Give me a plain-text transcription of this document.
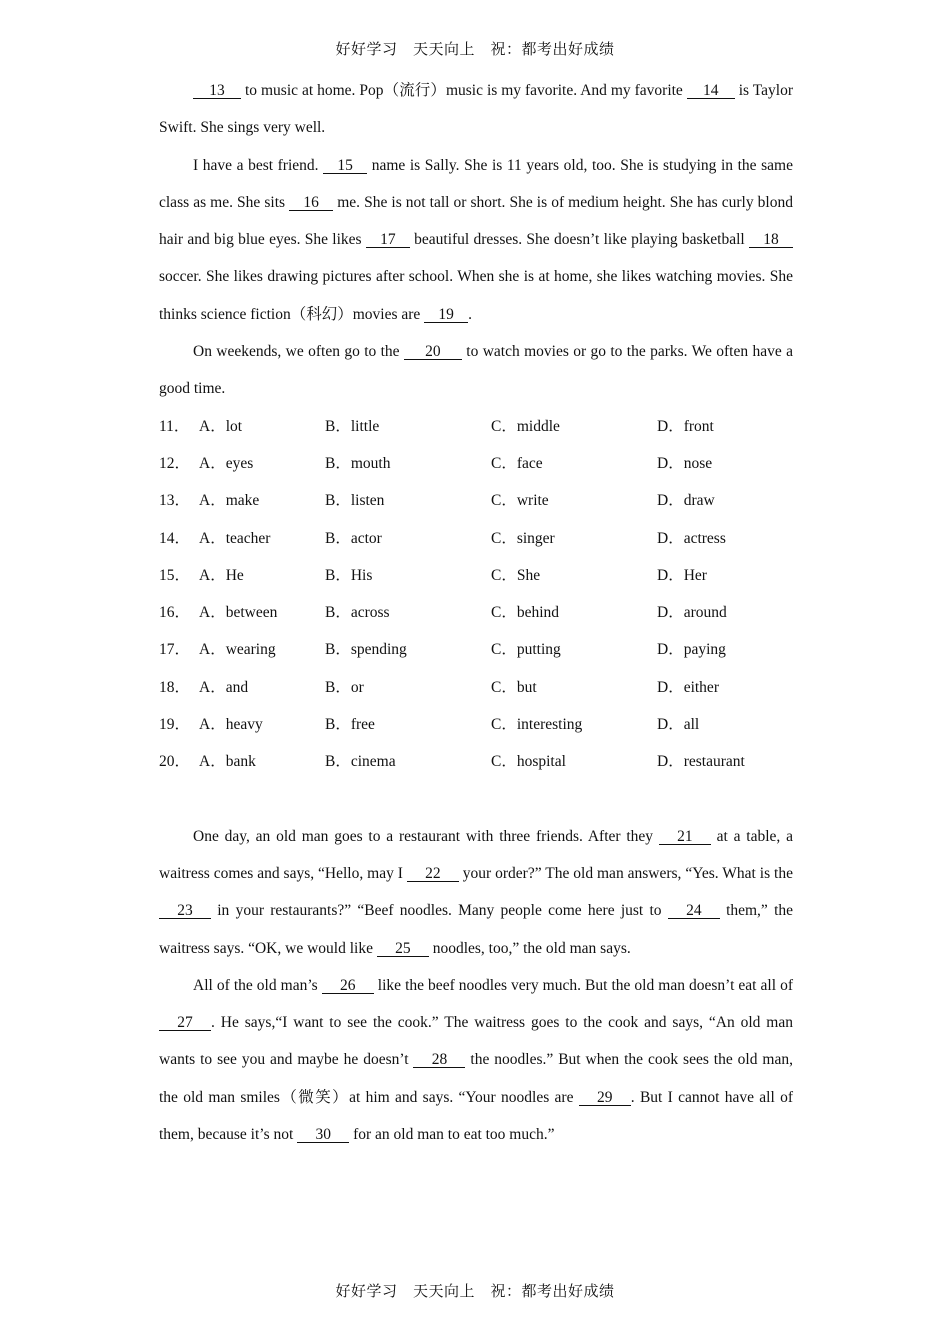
好好学习　天天向上　祝：都考出好成绩

13 to music at home. Pop（流行）music is my favorite. And my favorite 14 is Taylor Swift. She sings very well.

I have a best friend. 15 name is Sally. She is 11 years old, too. She is studying in the same class as me. She sits 16 me. She is not tall or short. She is of medium height. She has curly blond hair and big blue eyes. She likes 17 beautiful dresses. She doesn’t like playing basketball 18 soccer. She likes drawing pictures after school. When she is at home, she likes watching movies. She thinks science fiction（科幻）movies are 19 .

On weekends, we often go to the 20 to watch movies or go to the parks. We often have a good time.

11． A．lot	B．little	C．middle	D．front
12． A．eyes	B．mouth	C．face	D．nose
13． A．make	B．listen	C．write	D．draw
14． A．teacher	B．actor	C．singer	D．actress
15． A．He	B．His	C．She	D．Her
16． A．between	B．across	C．behind	D．around
17． A．wearing	B．spending	C．putting	D．paying
18． A．and	B．or	C．but	D．either
19． A．heavy	B．free	C．interesting	D．all
20． A．bank	B．cinema	C．hospital	D．restaurant

One day, an old man goes to a restaurant with three friends. After they 21 at a table, a waitress comes and says, “Hello, may I 22 your order?” The old man answers, “Yes. What is the 23 in your restaurants?” “Beef noodles. Many people come here just to 24 them,” the waitress says. “OK, we would like 25 noodles, too,” the old man says.

All of the old man’s 26 like the beef noodles very much. But the old man doesn’t eat all of 27 . He says,“I want to see the cook.” The waitress goes to the cook and says, “An old man wants to see you and maybe he doesn’t 28 the noodles.” But when the cook sees the old man, the old man smiles（微笑）at him and says. “Your noodles are 29 . But I cannot have all of them, because it’s not 30 for an old man to eat too much.”

好好学习　天天向上　祝：都考出好成绩
